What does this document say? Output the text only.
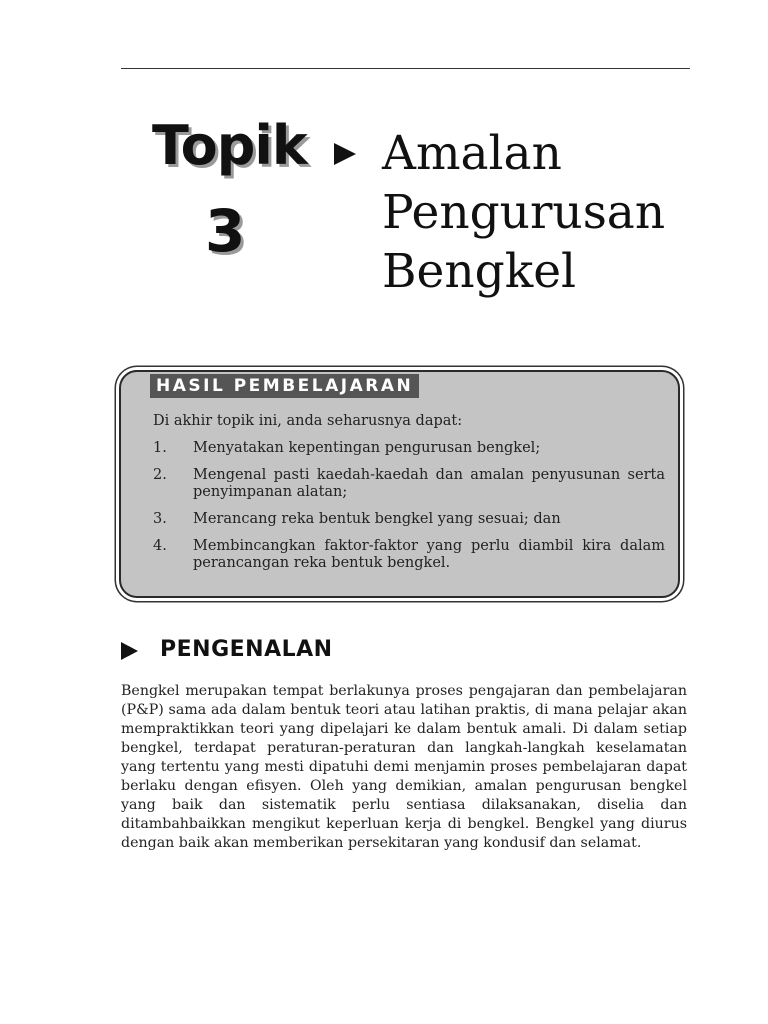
Topik
3
Amalan
Pengurusan
Bengkel
HASIL PEMBELAJARAN
Di akhir topik ini, anda seharusnya dapat:
1. Menyatakan kepentingan pengurusan bengkel;
2. Mengenal pasti kaedah-kaedah dan amalan penyusunan serta penyimpanan alatan;
3. Merancang reka bentuk bengkel yang sesuai; dan
4. Membincangkan faktor-faktor yang perlu diambil kira dalam perancangan reka bentuk bengkel.
PENGENALAN

Bengkel merupakan tempat berlakunya proses pengajaran dan pembelajaran (P&P) sama ada dalam bentuk teori atau latihan praktis, di mana pelajar akan mempraktikkan teori yang dipelajari ke dalam bentuk amali. Di dalam setiap bengkel, terdapat peraturan-peraturan dan langkah-langkah keselamatan yang tertentu yang mesti dipatuhi demi menjamin proses pembelajaran dapat berlaku dengan efisyen. Oleh yang demikian, amalan pengurusan bengkel yang baik dan sistematik perlu sentiasa dilaksanakan, diselia dan ditambahbaikkan mengikut keperluan kerja di bengkel. Bengkel yang diurus dengan baik akan memberikan persekitaran yang kondusif dan selamat.
